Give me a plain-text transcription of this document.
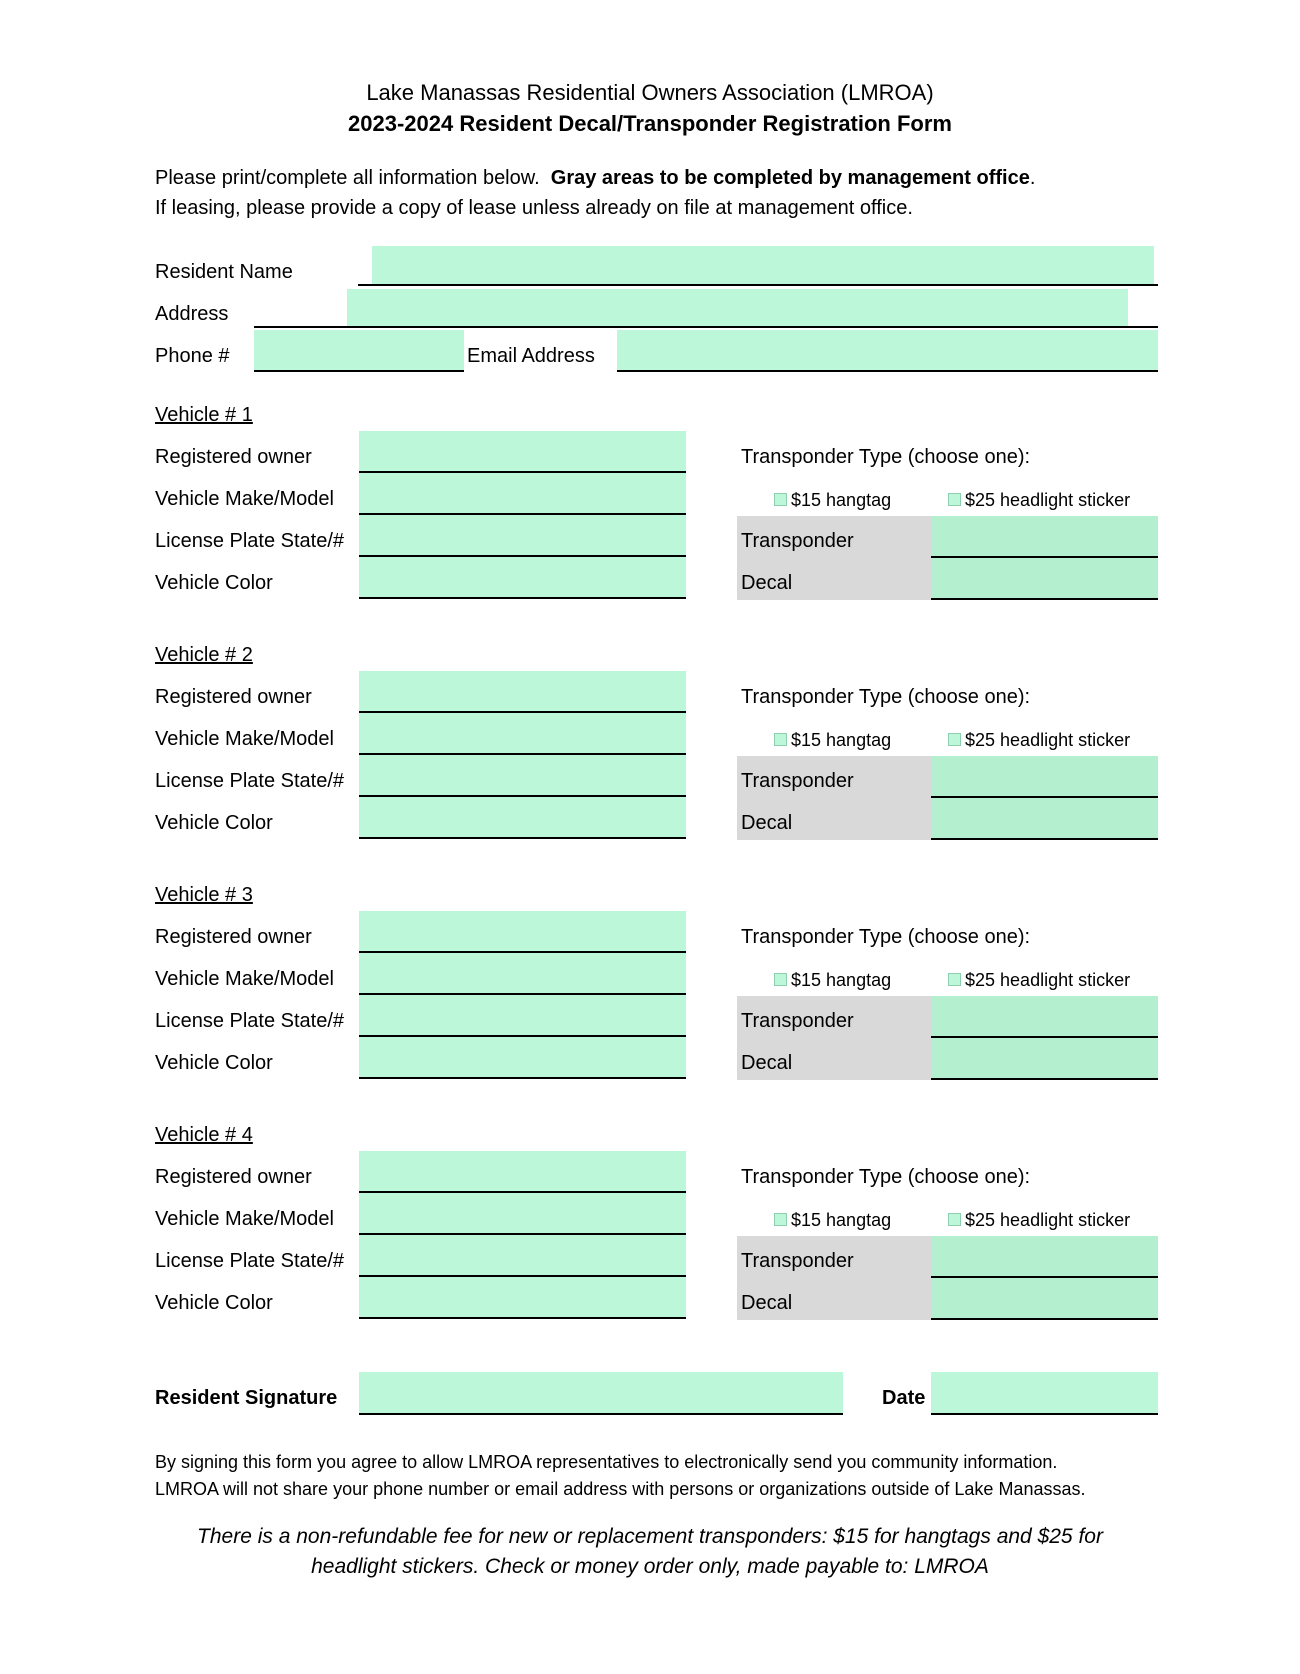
Lake Manassas Residential Owners Association (LMROA)
2023-2024 Resident Decal/Transponder Registration Form
Please print/complete all information below. Gray areas to be completed by management office.
If leasing, please provide a copy of lease unless already on file at management office.
Resident Name
Address
Phone #	Email Address
Vehicle # 1
Registered owner
Vehicle Make/Model
License Plate State/#
Vehicle Color
Transponder Type (choose one):
$15 hangtag	$25 headlight sticker
Transponder
Decal
Vehicle # 2
Registered owner
Vehicle Make/Model
License Plate State/#
Vehicle Color
Transponder Type (choose one):
$15 hangtag	$25 headlight sticker
Transponder
Decal
Vehicle # 3
Registered owner
Vehicle Make/Model
License Plate State/#
Vehicle Color
Transponder Type (choose one):
$15 hangtag	$25 headlight sticker
Transponder
Decal
Vehicle # 4
Registered owner
Vehicle Make/Model
License Plate State/#
Vehicle Color
Transponder Type (choose one):
$15 hangtag	$25 headlight sticker
Transponder
Decal
Resident Signature	Date
By signing this form you agree to allow LMROA representatives to electronically send you community information.
LMROA will not share your phone number or email address with persons or organizations outside of Lake Manassas.
There is a non-refundable fee for new or replacement transponders: $15 for hangtags and $25 for
headlight stickers. Check or money order only, made payable to: LMROA
